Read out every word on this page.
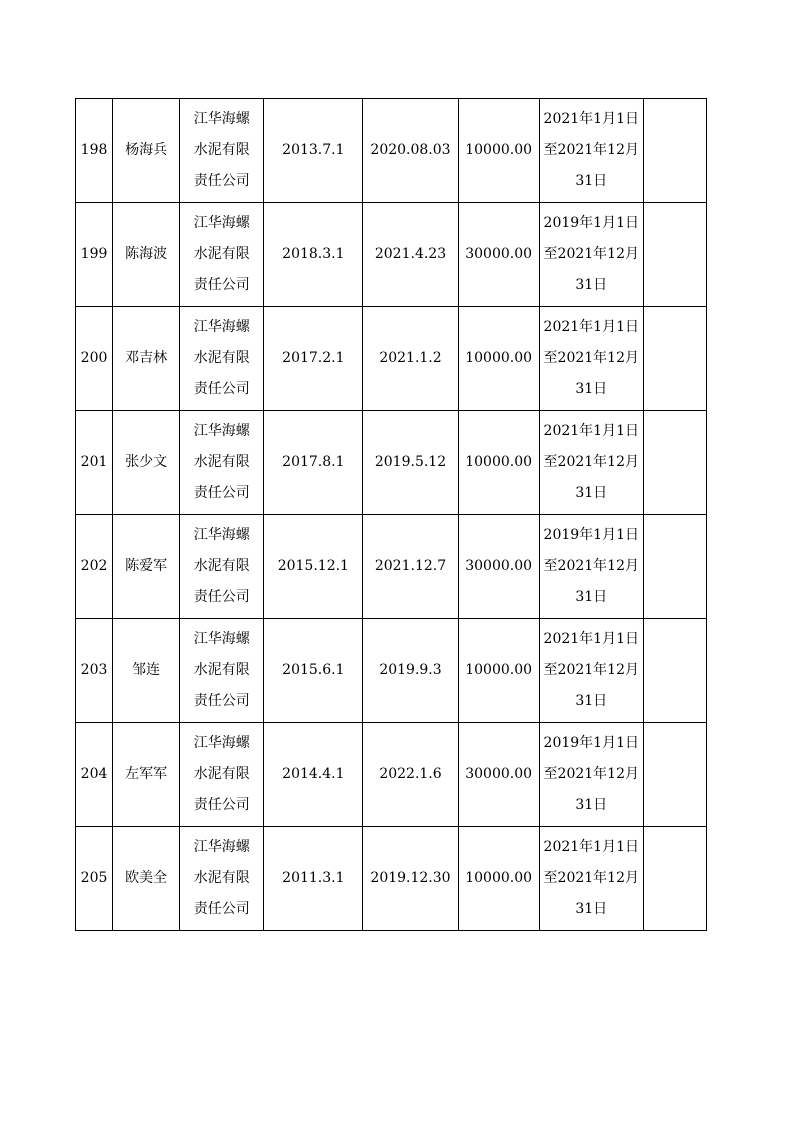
198	杨海兵	江华海螺水泥有限责任公司	2013.7.1	2020.08.03	10000.00	2021年1月1日至2021年12月31日	

199	陈海波	江华海螺水泥有限责任公司	2018.3.1	2021.4.23	30000.00	2019年1月1日至2021年12月31日	

200	邓吉林	江华海螺水泥有限责任公司	2017.2.1	2021.1.2	10000.00	2021年1月1日至2021年12月31日	

201	张少文	江华海螺水泥有限责任公司	2017.8.1	2019.5.12	10000.00	2021年1月1日至2021年12月31日	

202	陈爱军	江华海螺水泥有限责任公司	2015.12.1	2021.12.7	30000.00	2019年1月1日至2021年12月31日	

203	邹连	江华海螺水泥有限责任公司	2015.6.1	2019.9.3	10000.00	2021年1月1日至2021年12月31日	

204	左军军	江华海螺水泥有限责任公司	2014.4.1	2022.1.6	30000.00	2019年1月1日至2021年12月31日	

205	欧美全	江华海螺水泥有限责任公司	2011.3.1	2019.12.30	10000.00	2021年1月1日至2021年12月31日	
